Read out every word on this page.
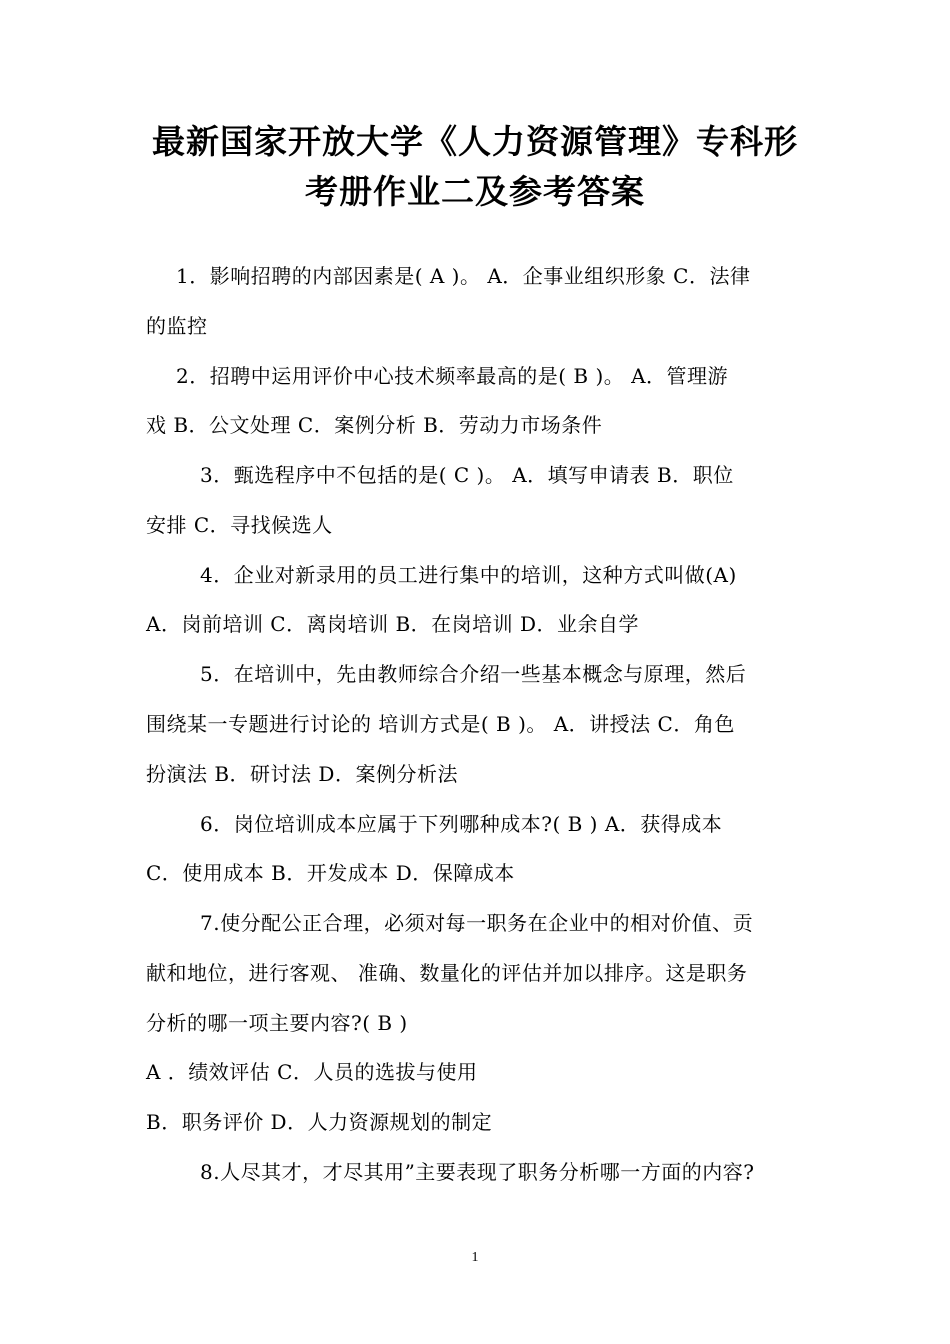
最新国家开放大学《人力资源管理》专科形
考册作业二及参考答案
1．影响招聘的内部因素是( A )。 A．企事业组织形象 C．法律
的监控
2．招聘中运用评价中心技术频率最高的是( B )。 A．管理游
戏 B．公文处理 C．案例分析 B．劳动力市场条件
3．甄选程序中不包括的是( C )。 A．填写申请表 B．职位
安排 C．寻找候选人
4．企业对新录用的员工进行集中的培训，这种方式叫做(A)
A．岗前培训 C．离岗培训 B．在岗培训 D．业余自学
5．在培训中，先由教师综合介绍一些基本概念与原理，然后
围绕某一专题进行讨论的 培训方式是( B )。 A．讲授法 C．角色
扮演法 B．研讨法 D．案例分析法
6．岗位培训成本应属于下列哪种成本?( B ) A．获得成本
C．使用成本 B．开发成本 D．保障成本
7.使分配公正合理，必须对每一职务在企业中的相对价值、贡
献和地位，进行客观、 准确、数量化的评估并加以排序。这是职务
分析的哪一项主要内容?( B )
A ．绩效评估 C．人员的选拔与使用
B．职务评价 D．人力资源规划的制定
8.人尽其才，才尽其用”主要表现了职务分析哪一方面的内容?
1
